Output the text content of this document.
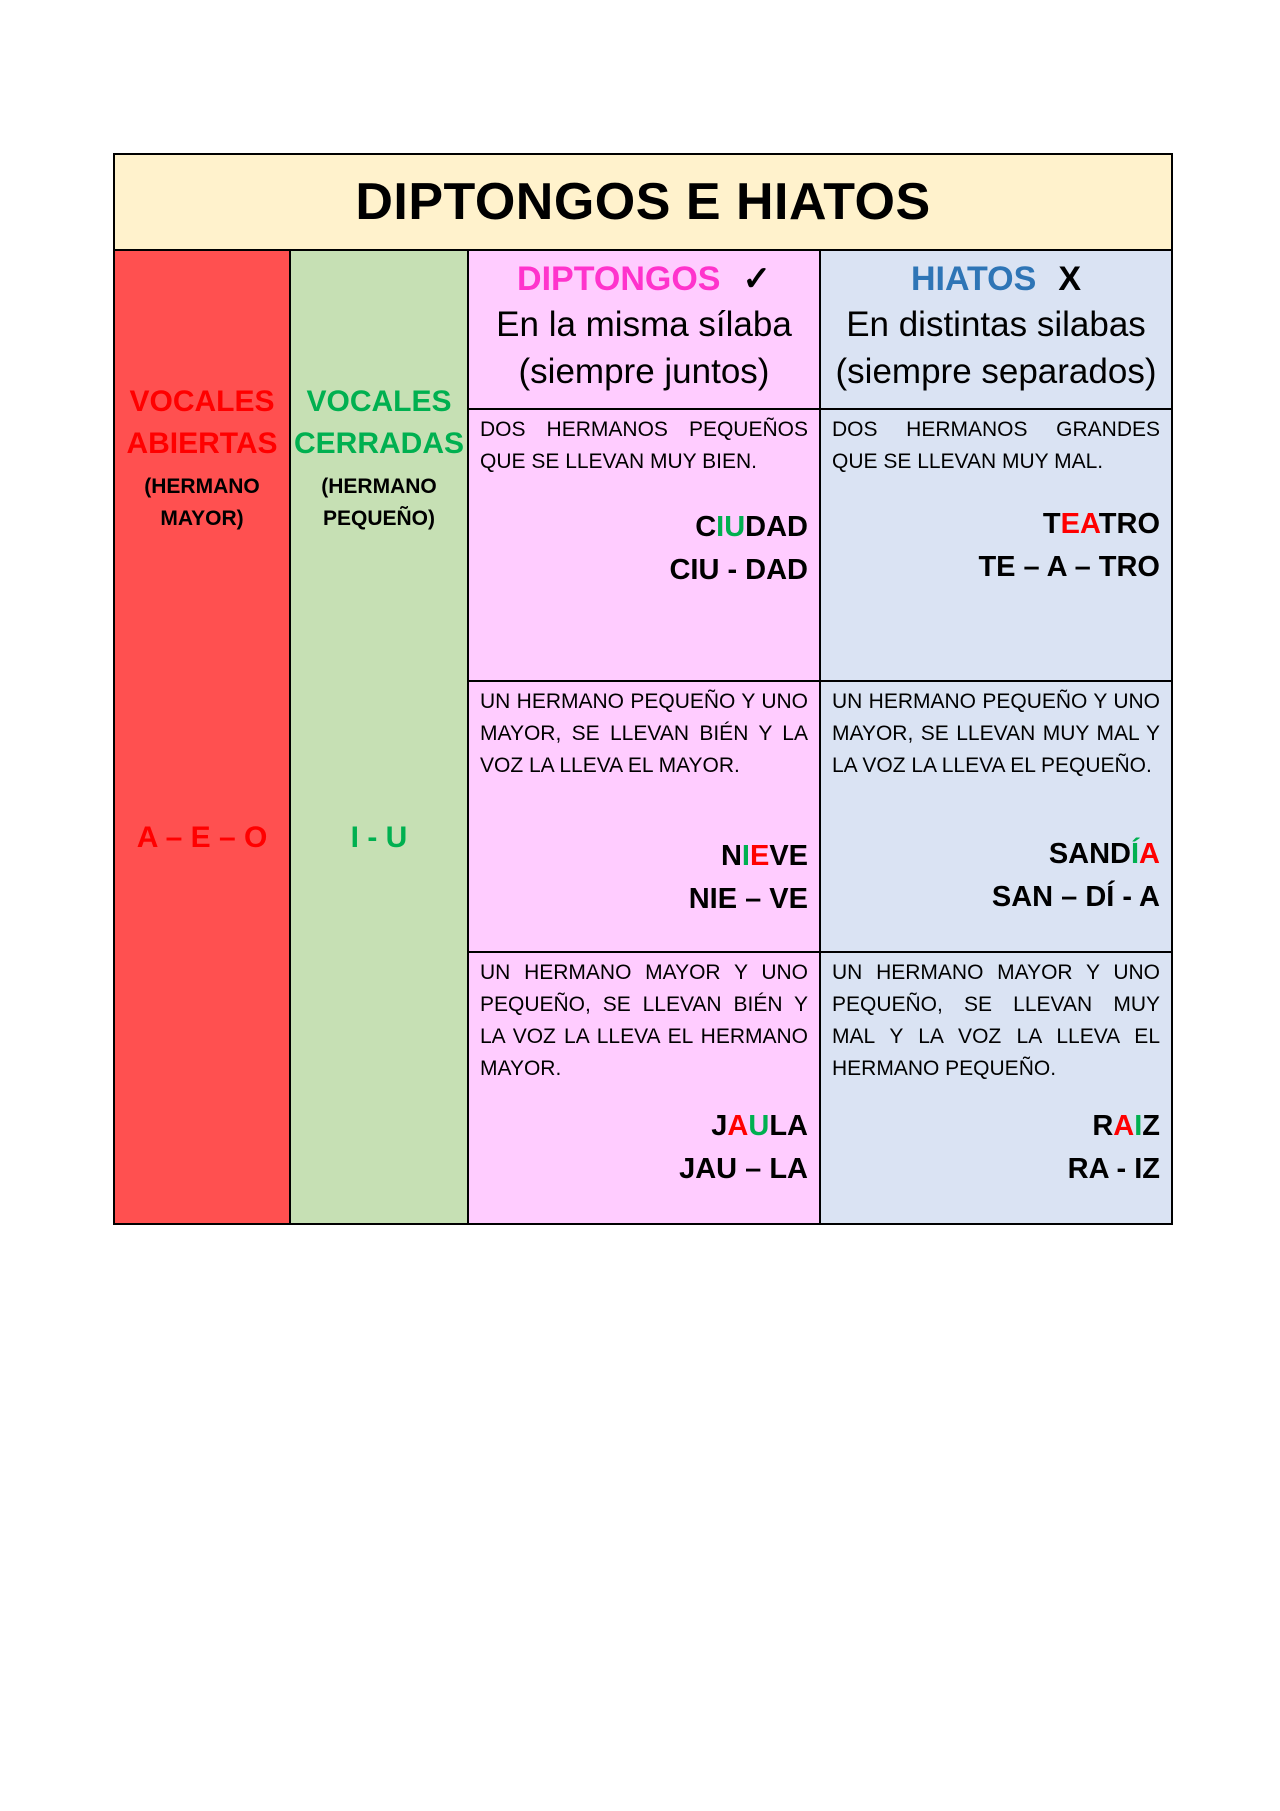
DIPTONGOS E HIATOS
VOCALES
ABIERTAS
(HERMANO
MAYOR)
A – E – O
VOCALES
CERRADAS
(HERMANO
PEQUEÑO)
I - U
DIPTONGOS ✓
En la misma sílaba
(siempre juntos)
HIATOS X
En distintas silabas
(siempre separados)
DOS HERMANOS PEQUEÑOS QUE SE LLEVAN MUY BIEN.
CIUDAD
CIU - DAD
DOS HERMANOS GRANDES QUE SE LLEVAN MUY MAL.
TEATRO
TE – A – TRO
UN HERMANO PEQUEÑO Y UNO MAYOR, SE LLEVAN BIÉN Y LA VOZ LA LLEVA EL MAYOR.
NIEVE
NIE – VE
UN HERMANO PEQUEÑO Y UNO MAYOR, SE LLEVAN MUY MAL Y LA VOZ LA LLEVA EL PEQUEÑO.
SANDÍA
SAN – DÍ - A
UN HERMANO MAYOR Y UNO PEQUEÑO, SE LLEVAN BIÉN Y LA VOZ LA LLEVA EL HERMANO MAYOR.
JAULA
JAU – LA
UN HERMANO MAYOR Y UNO PEQUEÑO, SE LLEVAN MUY MAL Y LA VOZ LA LLEVA EL HERMANO PEQUEÑO.
RAIZ
RA - IZ
